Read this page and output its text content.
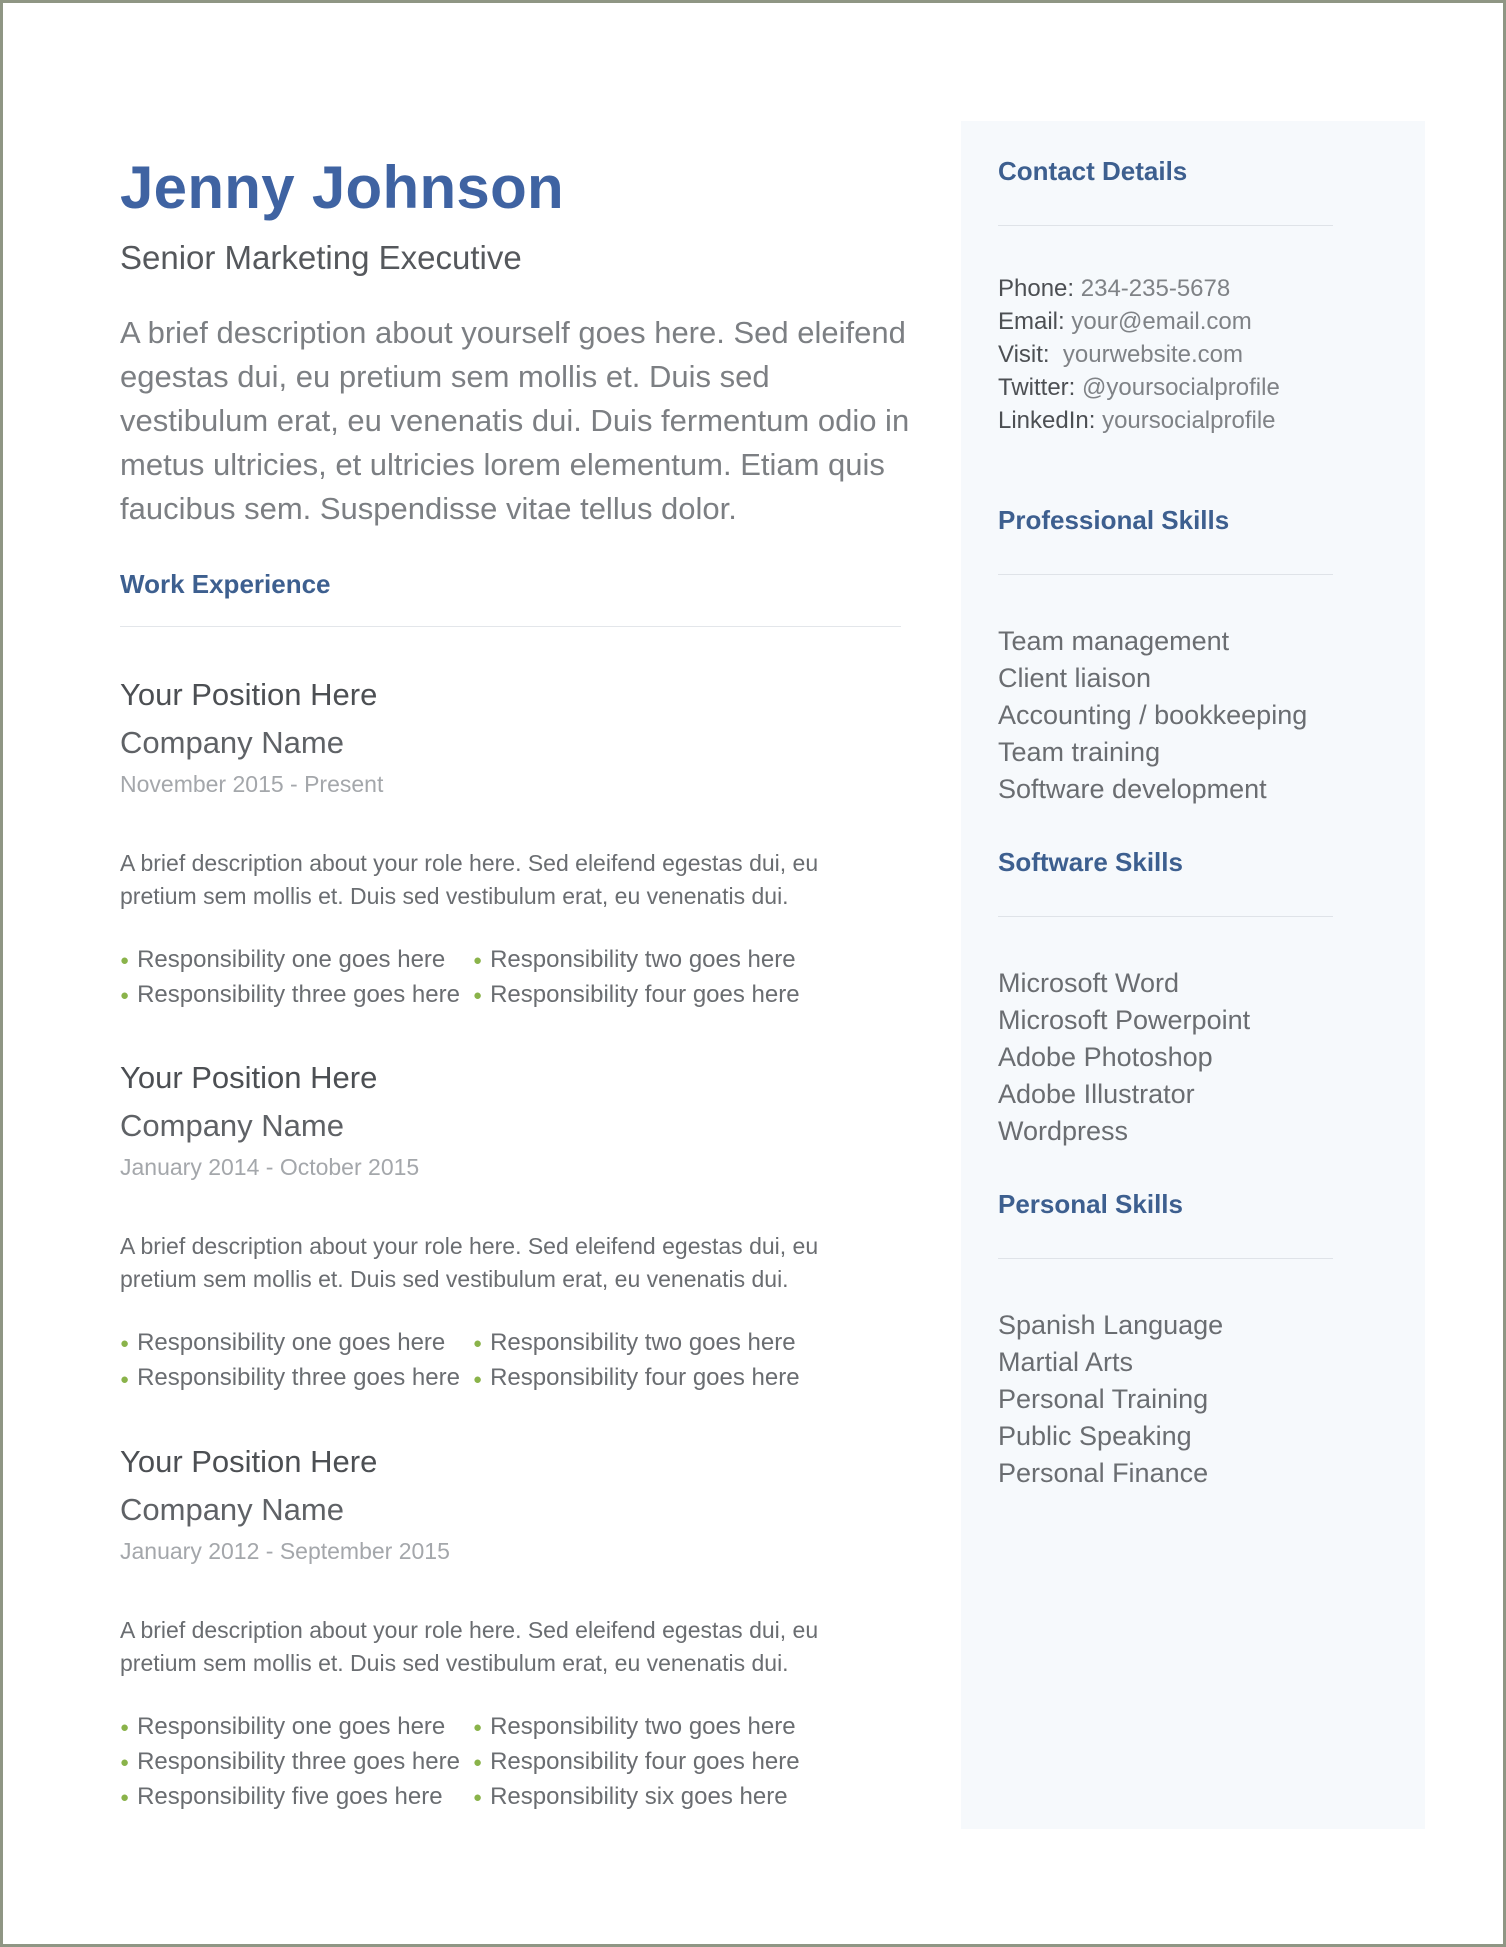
Jenny Johnson
Senior Marketing Executive
A brief description about yourself goes here. Sed eleifend egestas dui, eu pretium sem mollis et. Duis sed vestibulum erat, eu venenatis dui. Duis fermentum odio in metus ultricies, et ultricies lorem elementum. Etiam quis faucibus sem. Suspendisse vitae tellus dolor.
Work Experience
Your Position Here
Company Name
November 2015 - Present
A brief description about your role here. Sed eleifend egestas dui, eu pretium sem mollis et. Duis sed vestibulum erat, eu venenatis dui.
● Responsibility one goes here	● Responsibility two goes here
● Responsibility three goes here ● Responsibility four goes here
Your Position Here
Company Name
January 2014 - October 2015
A brief description about your role here. Sed eleifend egestas dui, eu pretium sem mollis et. Duis sed vestibulum erat, eu venenatis dui.
● Responsibility one goes here	● Responsibility two goes here
● Responsibility three goes here ● Responsibility four goes here
Your Position Here
Company Name
January 2012 - September 2015
A brief description about your role here. Sed eleifend egestas dui, eu pretium sem mollis et. Duis sed vestibulum erat, eu venenatis dui.
● Responsibility one goes here	● Responsibility two goes here
● Responsibility three goes here ● Responsibility four goes here
● Responsibility five goes here	● Responsibility six goes here
Contact Details
Phone: 234-235-5678
Email: your@email.com
Visit: yourwebsite.com
Twitter: @yoursocialprofile
LinkedIn: yoursocialprofile
Professional Skills
Team management
Client liaison
Accounting / bookkeeping
Team training
Software development
Software Skills
Microsoft Word
Microsoft Powerpoint
Adobe Photoshop
Adobe Illustrator
Wordpress
Personal Skills
Spanish Language
Martial Arts
Personal Training
Public Speaking
Personal Finance
